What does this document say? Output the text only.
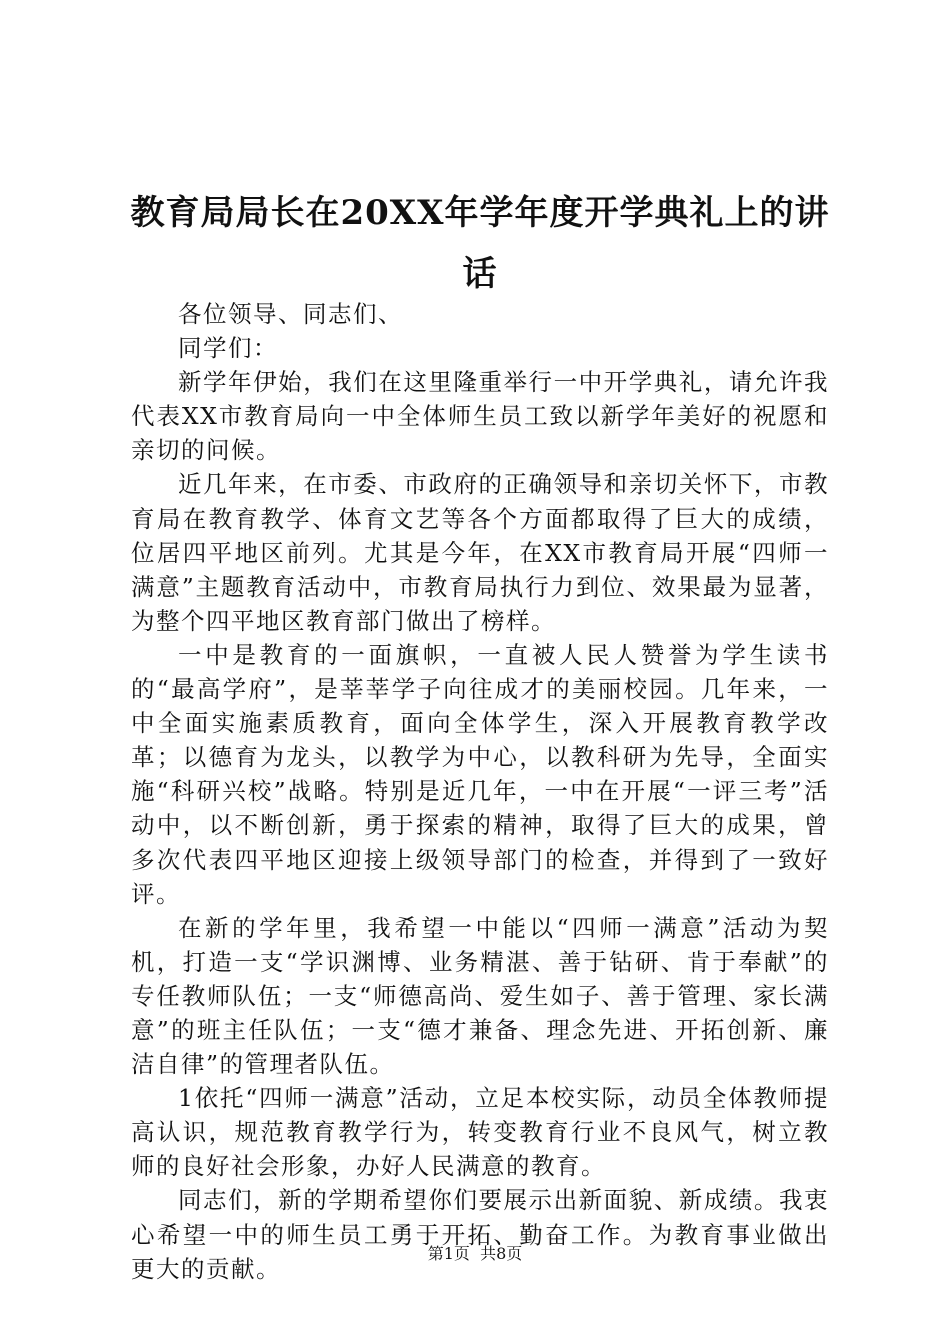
教育局局长在20XX年学年度开学典礼上的讲话

各位领导、同志们、

同学们：

新学年伊始，我们在这里隆重举行一中开学典礼，请允许我代表XX市教育局向一中全体师生员工致以新学年美好的祝愿和亲切的问候。

近几年来，在市委、市政府的正确领导和亲切关怀下，市教育局在教育教学、体育文艺等各个方面都取得了巨大的成绩，位居四平地区前列。尤其是今年，在XX市教育局开展“四师一满意”主题教育活动中，市教育局执行力到位、效果最为显著，为整个四平地区教育部门做出了榜样。

一中是教育的一面旗帜，一直被人民人赞誉为学生读书的“最高学府”，是莘莘学子向往成才的美丽校园。几年来，一中全面实施素质教育，面向全体学生，深入开展教育教学改革；以德育为龙头，以教学为中心，以教科研为先导，全面实施“科研兴校”战略。特别是近几年，一中在开展“一评三考”活动中，以不断创新，勇于探索的精神，取得了巨大的成果，曾多次代表四平地区迎接上级领导部门的检查，并得到了一致好评。

在新的学年里，我希望一中能以“四师一满意”活动为契机，打造一支“学识渊博、业务精湛、善于钻研、肯于奉献”的专任教师队伍；一支“师德高尚、爱生如子、善于管理、家长满意”的班主任队伍；一支“德才兼备、理念先进、开拓创新、廉洁自律”的管理者队伍。

1依托“四师一满意”活动，立足本校实际，动员全体教师提高认识，规范教育教学行为，转变教育行业不良风气，树立教师的良好社会形象，办好人民满意的教育。

同志们，新的学期希望你们要展示出新面貌、新成绩。我衷心希望一中的师生员工勇于开拓、勤奋工作。为教育事业做出更大的贡献。

第1页 共8页
